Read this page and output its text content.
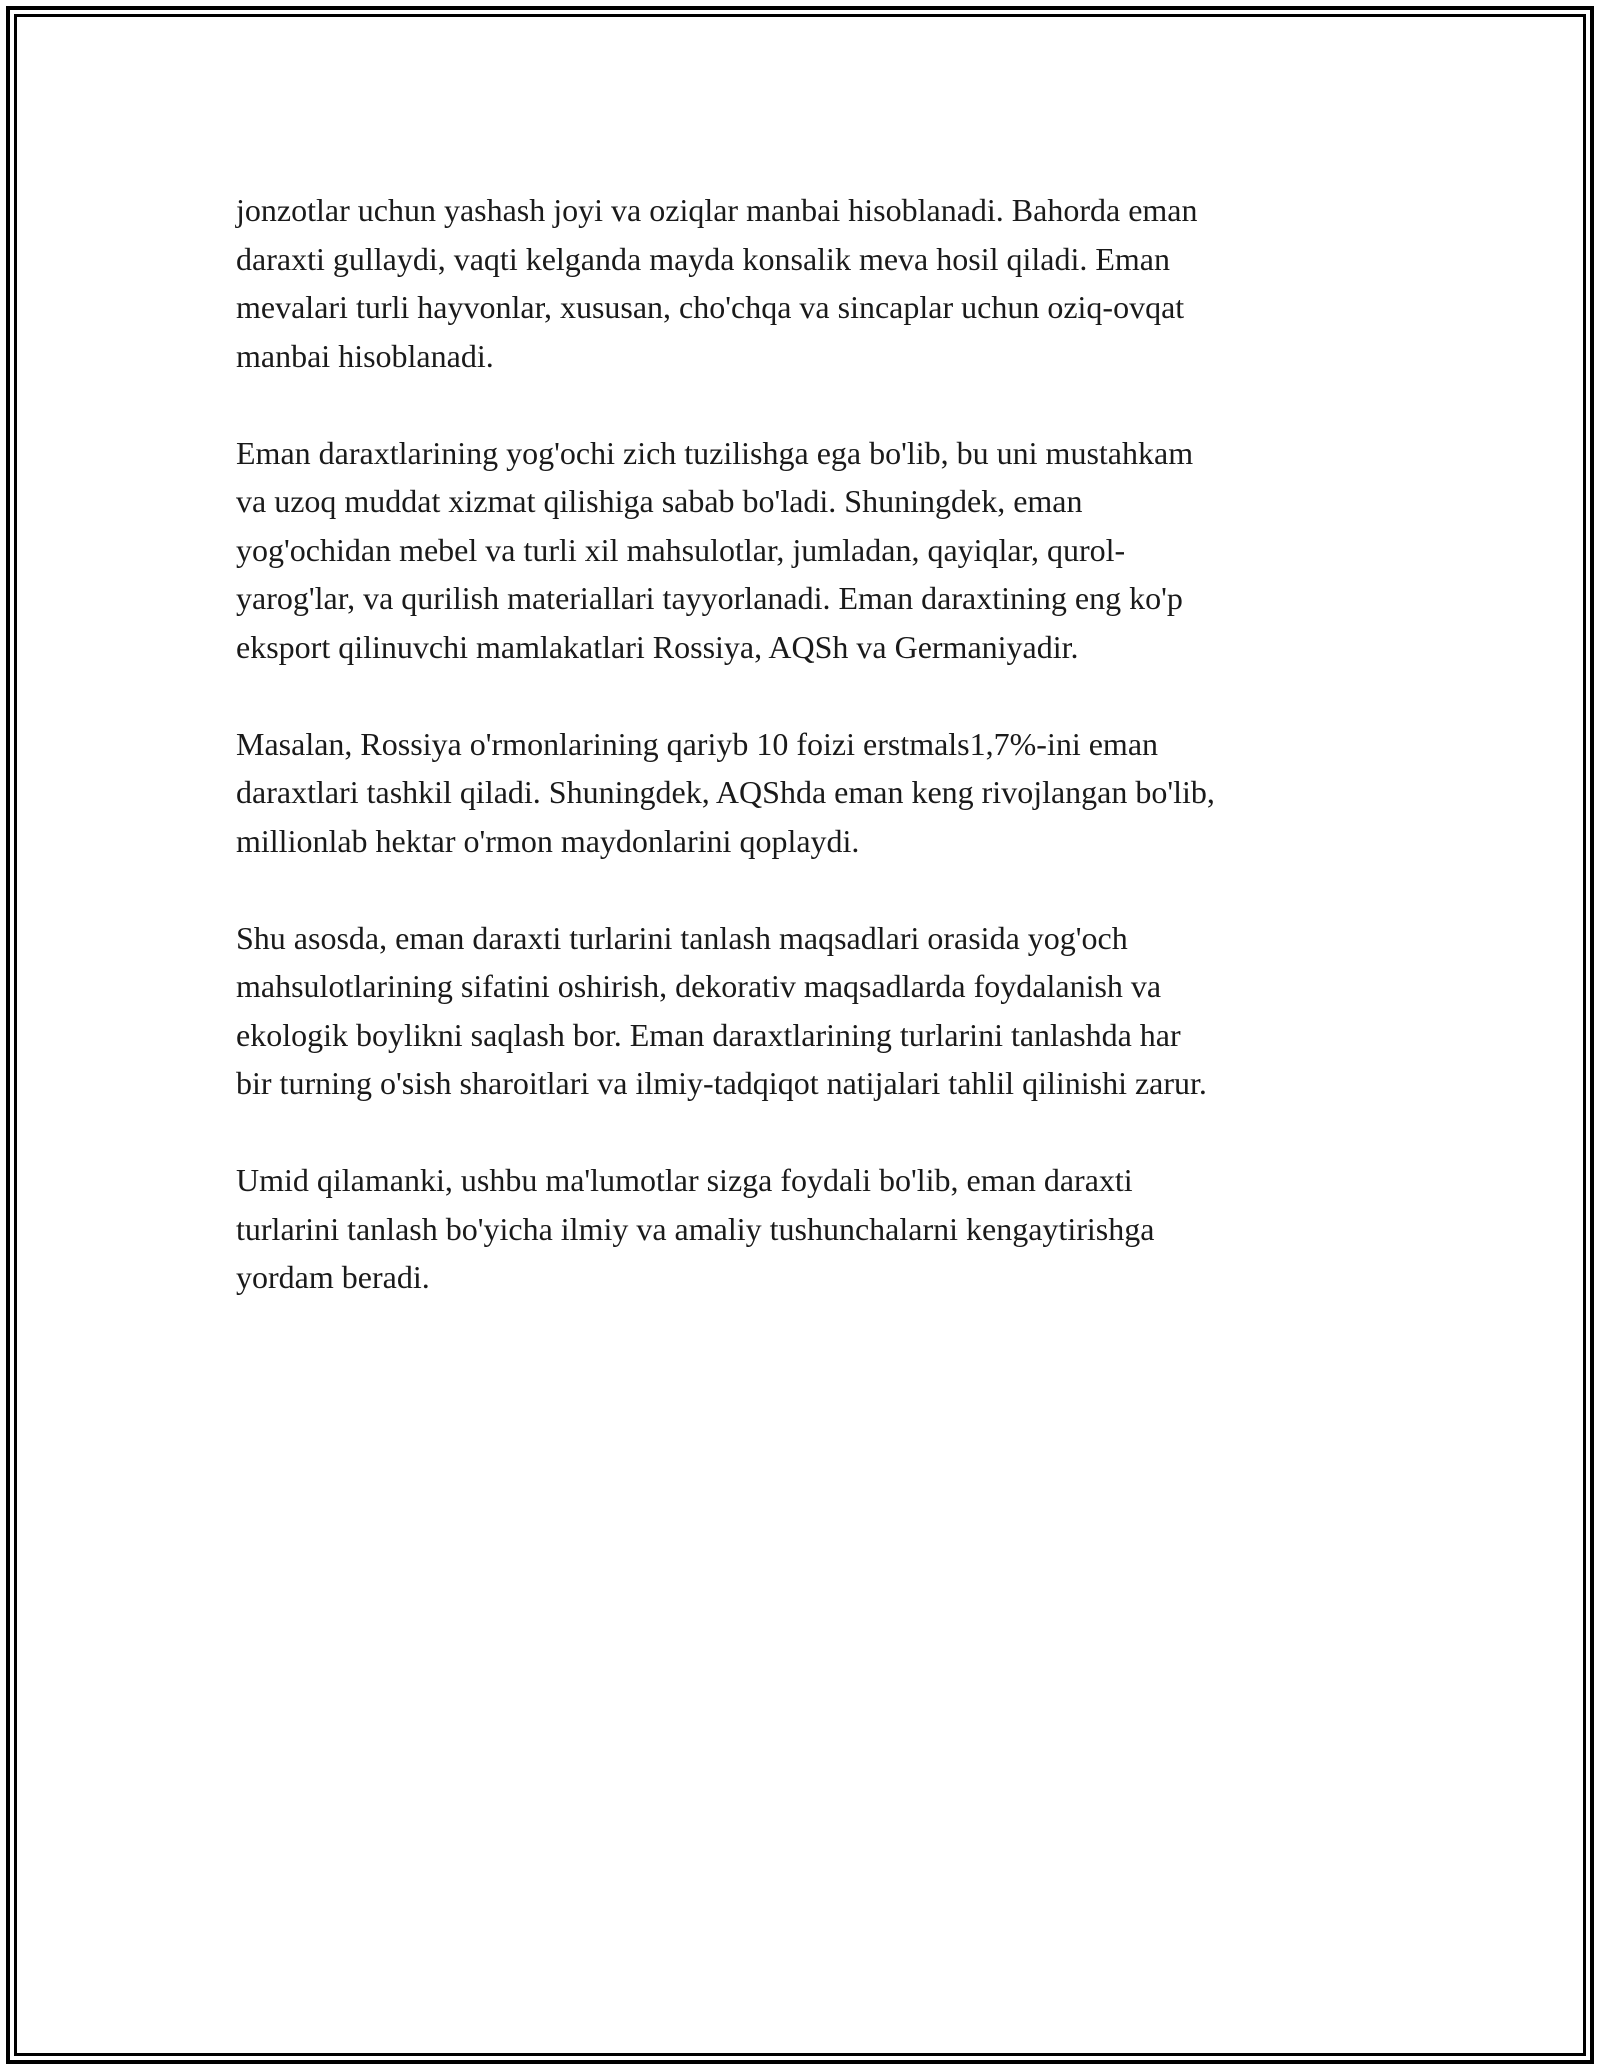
jonzotlar uchun yashash joyi va oziqlar manbai hisoblanadi. Bahorda eman
daraxti gullaydi, vaqti kelganda mayda konsalik meva hosil qiladi. Eman
mevalari turli hayvonlar, xususan, cho'chqa va sincaplar uchun oziq-ovqat
manbai hisoblanadi.

Eman daraxtlarining yog'ochi zich tuzilishga ega bo'lib, bu uni mustahkam
va uzoq muddat xizmat qilishiga sabab bo'ladi. Shuningdek, eman
yog'ochidan mebel va turli xil mahsulotlar, jumladan, qayiqlar, qurol-
yarog'lar, va qurilish materiallari tayyorlanadi. Eman daraxtining eng ko'p
eksport qilinuvchi mamlakatlari Rossiya, AQSh va Germaniyadir.

Masalan, Rossiya o'rmonlarining qariyb 10 foizi erstmals1,7%-ini eman
daraxtlari tashkil qiladi. Shuningdek, AQShda eman keng rivojlangan bo'lib,
millionlab hektar o'rmon maydonlarini qoplaydi.

Shu asosda, eman daraxti turlarini tanlash maqsadlari orasida yog'och
mahsulotlarining sifatini oshirish, dekorativ maqsadlarda foydalanish va
ekologik boylikni saqlash bor. Eman daraxtlarining turlarini tanlashda har
bir turning o'sish sharoitlari va ilmiy-tadqiqot natijalari tahlil qilinishi zarur.

Umid qilamanki, ushbu ma'lumotlar sizga foydali bo'lib, eman daraxti
turlarini tanlash bo'yicha ilmiy va amaliy tushunchalarni kengaytirishga
yordam beradi.
